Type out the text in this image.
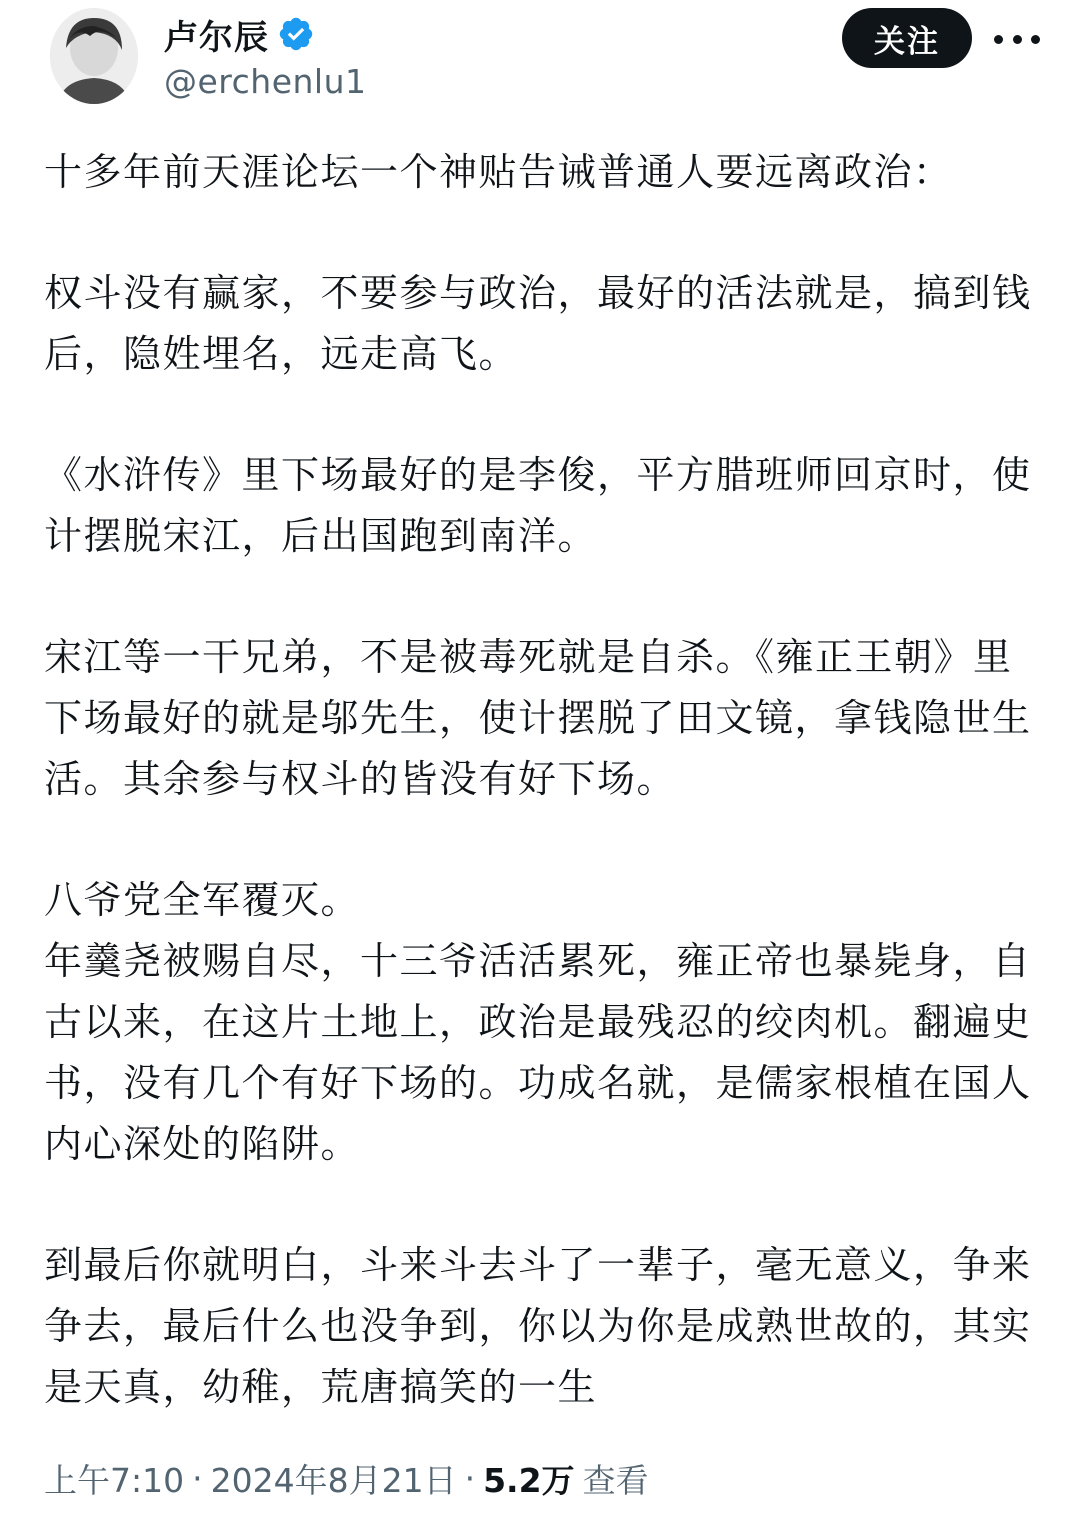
卢尔辰
@erchenlu1
关注

十多年前天涯论坛一个神贴告诫普通人要远离政治：

权斗没有赢家，不要参与政治，最好的活法就是，搞到钱后，隐姓埋名，远走高飞。

《水浒传》里下场最好的是李俊，平方腊班师回京时，使计摆脱宋江，后出国跑到南洋。

宋江等一干兄弟，不是被毒死就是自杀。《雍正王朝》里下场最好的就是邬先生，使计摆脱了田文镜，拿钱隐世生活。其余参与权斗的皆没有好下场。

八爷党全军覆灭。
年羹尧被赐自尽，十三爷活活累死，雍正帝也暴毙身，自古以来，在这片土地上，政治是最残忍的绞肉机。翻遍史书，没有几个有好下场的。功成名就，是儒家根植在国人内心深处的陷阱。

到最后你就明白，斗来斗去斗了一辈子，毫无意义，争来争去，最后什么也没争到，你以为你是成熟世故的，其实是天真，幼稚，荒唐搞笑的一生

上午7:10 · 2024年8月21日 · 5.2万 查看
